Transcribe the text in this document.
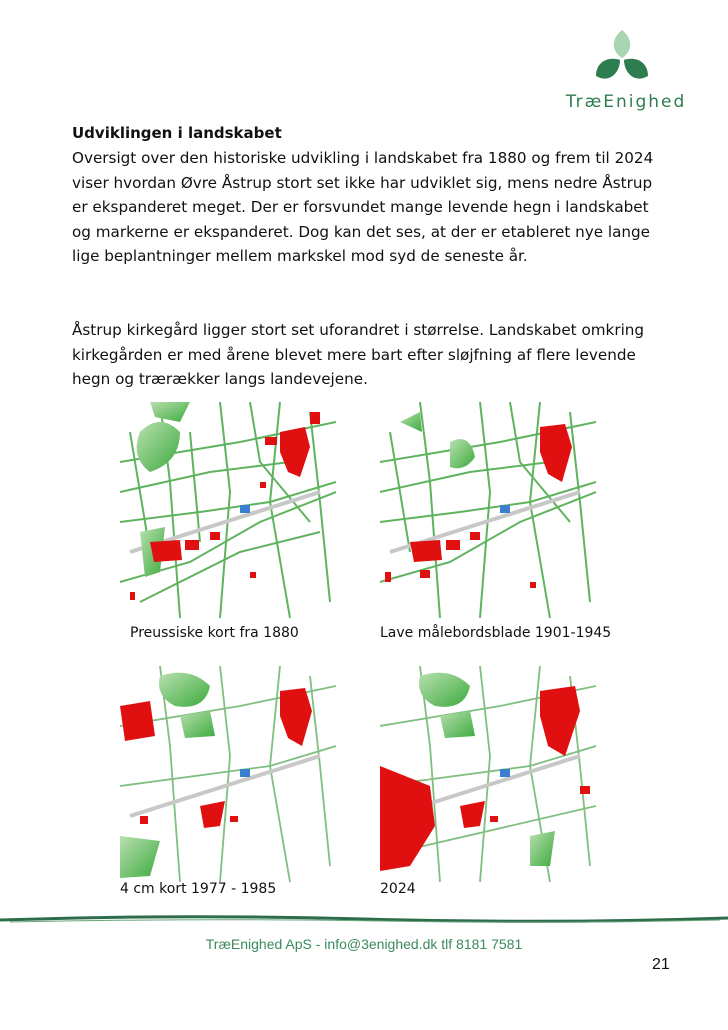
TræEnighed
Udviklingen i landskabet
Oversigt over den historiske udvikling i landskabet fra 1880 og frem til 2024 viser hvordan Øvre Åstrup stort set ikke har udviklet sig, mens nedre Åstrup er ekspanderet meget. Der er forsvundet mange levende hegn i landskabet og markerne er ekspanderet. Dog kan det ses, at der er etableret nye lange lige beplantninger mellem markskel mod syd de seneste år.
Åstrup kirkegård ligger stort set uforandret i størrelse. Landskabet omkring kirkegården er med årene blevet mere bart efter sløjfning af flere levende hegn og trærækker langs landevejene.
Preussiske kort fra 1880	Lave målebordsblade 1901-1945
4 cm kort 1977 - 1985	2024
TræEnighed ApS - info@3enighed.dk tlf 8181 7581
21
